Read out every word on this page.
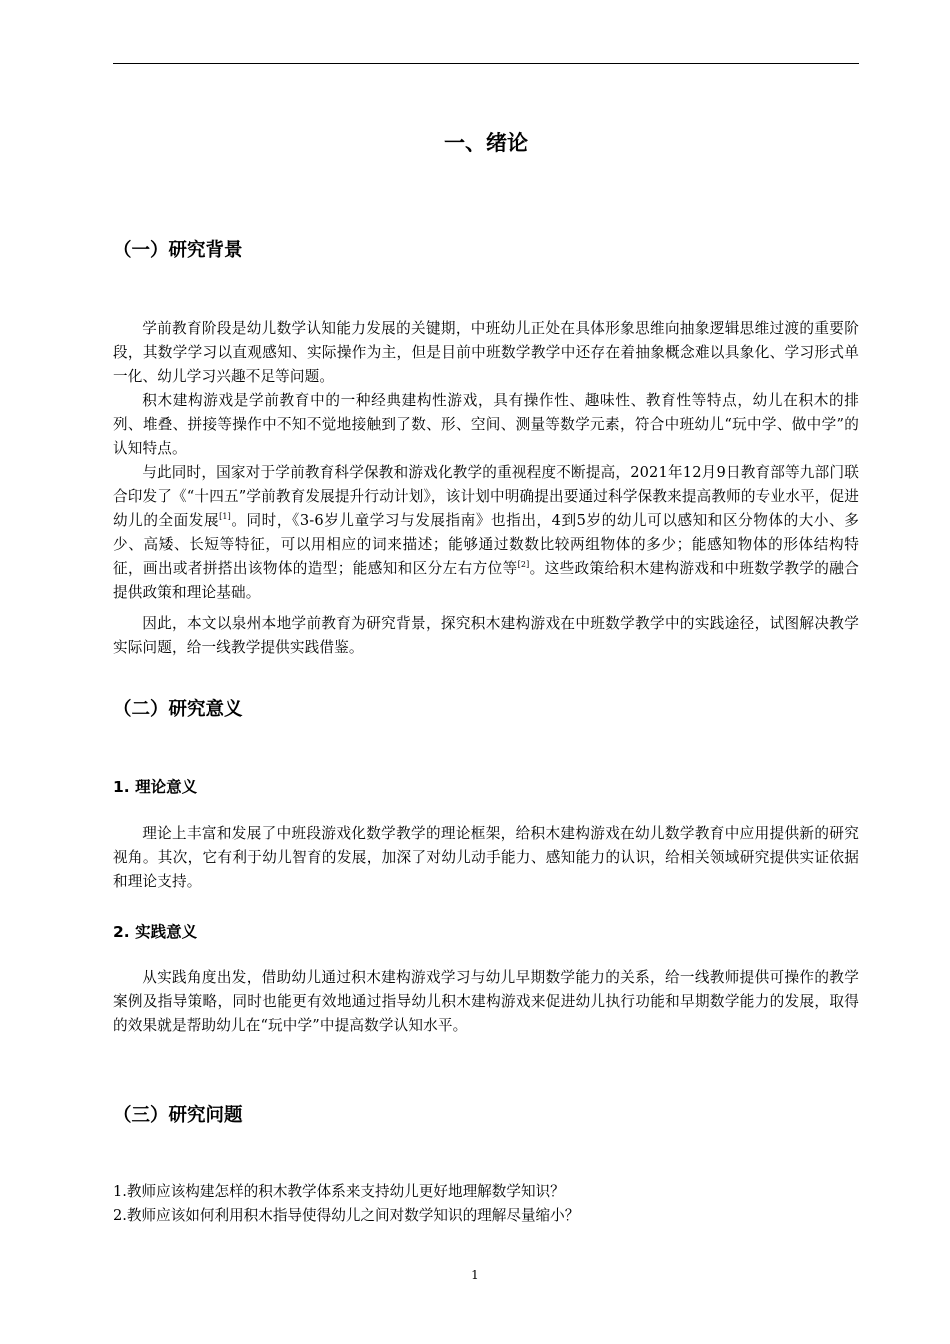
一、绪论
（一）研究背景

学前教育阶段是幼儿数学认知能力发展的关键期，中班幼儿正处在具体形象思维向抽象逻辑思维过渡的重要阶段，其数学学习以直观感知、实际操作为主，但是目前中班数学教学中还存在着抽象概念难以具象化、学习形式单一化、幼儿学习兴趣不足等问题。

积木建构游戏是学前教育中的一种经典建构性游戏，具有操作性、趣味性、教育性等特点，幼儿在积木的排列、堆叠、拼接等操作中不知不觉地接触到了数、形、空间、测量等数学元素，符合中班幼儿“玩中学、做中学”的认知特点。

与此同时，国家对于学前教育科学保教和游戏化教学的重视程度不断提高，2021年12月9日教育部等九部门联合印发了《“十四五”学前教育发展提升行动计划》，该计划中明确提出要通过科学保教来提高教师的专业水平，促进幼儿的全面发展[1]。同时，《3-6岁儿童学习与发展指南》也指出，4到5岁的幼儿可以感知和区分物体的大小、多少、高矮、长短等特征，可以用相应的词来描述；能够通过数数比较两组物体的多少；能感知物体的形体结构特征，画出或者拼搭出该物体的造型；能感知和区分左右方位等[2]。这些政策给积木建构游戏和中班数学教学的融合提供政策和理论基础。

因此，本文以泉州本地学前教育为研究背景，探究积木建构游戏在中班数学教学中的实践途径，试图解决教学实际问题，给一线教学提供实践借鉴。

（二）研究意义
1. 理论意义

理论上丰富和发展了中班段游戏化数学教学的理论框架，给积木建构游戏在幼儿数学教育中应用提供新的研究视角。其次，它有利于幼儿智育的发展，加深了对幼儿动手能力、感知能力的认识，给相关领域研究提供实证依据和理论支持。

2. 实践意义

从实践角度出发，借助幼儿通过积木建构游戏学习与幼儿早期数学能力的关系，给一线教师提供可操作的教学案例及指导策略，同时也能更有效地通过指导幼儿积木建构游戏来促进幼儿执行功能和早期数学能力的发展，取得的效果就是帮助幼儿在“玩中学”中提高数学认知水平。

（三）研究问题

1.教师应该构建怎样的积木教学体系来支持幼儿更好地理解数学知识？

2.教师应该如何利用积木指导使得幼儿之间对数学知识的理解尽量缩小？

1
